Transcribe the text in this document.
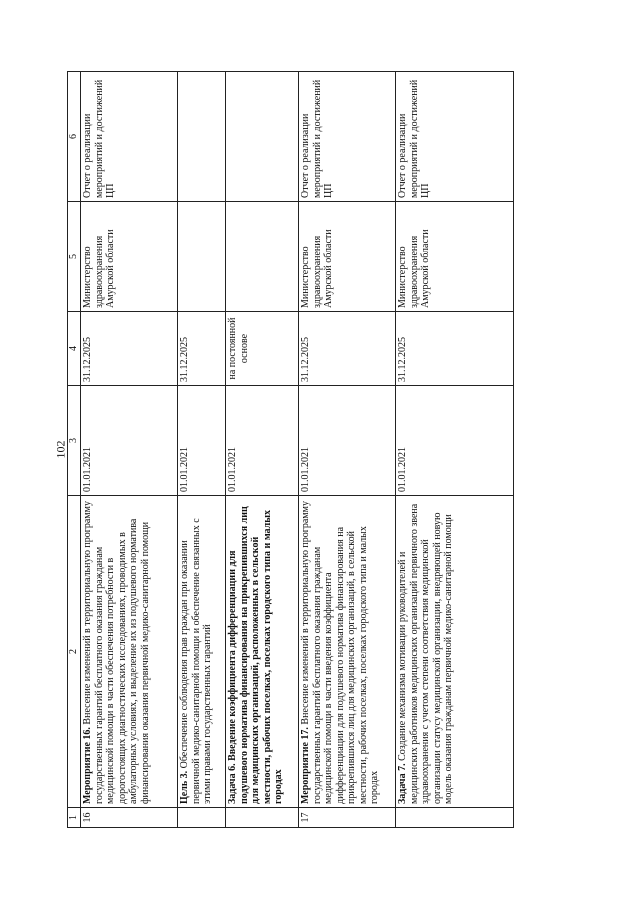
102
1	2	3	4	5	6
16	Мероприятие 16. Внесение изменений в территориальную программу государственных гарантий бесплатного оказания гражданам медицинской помощи в части обеспечения потребности в дорогостоящих диагностических исследованиях, проводимых в амбулаторных условиях, и выделение их из подушевого норматива финансирования оказания первичной медико-санитарной помощи	01.01.2021	31.12.2025	Министерство здравоохранения Амурской области	Отчет о реализации мероприятий и достижений ЦП
	Цель 3. Обеспечение соблюдения прав граждан при оказании первичной медико-санитарной помощи и обеспечение связанных с этими правами государственных гарантий	01.01.2021	31.12.2025		
	Задача 6. Введение коэффициента дифференциации для подушевого норматива финансирования на прикрепившихся лиц для медицинских организаций, расположенных в сельской местности, рабочих поселках, поселках городского типа и малых городах	01.01.2021	на постоянной основе		
17	Мероприятие 17. Внесение изменений в территориальную программу государственных гарантий бесплатного оказания гражданам медицинской помощи в части введения коэффициента дифференциации для подушевого норматива финансирования на прикрепившихся лиц для медицинских организаций, в сельской местности, рабочих поселках, поселках городского типа и малых городах	01.01.2021	31.12.2025	Министерство здравоохранения Амурской области	Отчет о реализации мероприятий и достижений ЦП
	Задача 7. Создание механизма мотивации руководителей и медицинских работников медицинских организаций первичного звена здравоохранения с учетом степени соответствия медицинской организации статусу медицинской организации, внедряющей новую модель оказания гражданам первичной медико-санитарной помощи	01.01.2021	31.12.2025	Министерство здравоохранения Амурской области	Отчет о реализации мероприятий и достижений ЦП
